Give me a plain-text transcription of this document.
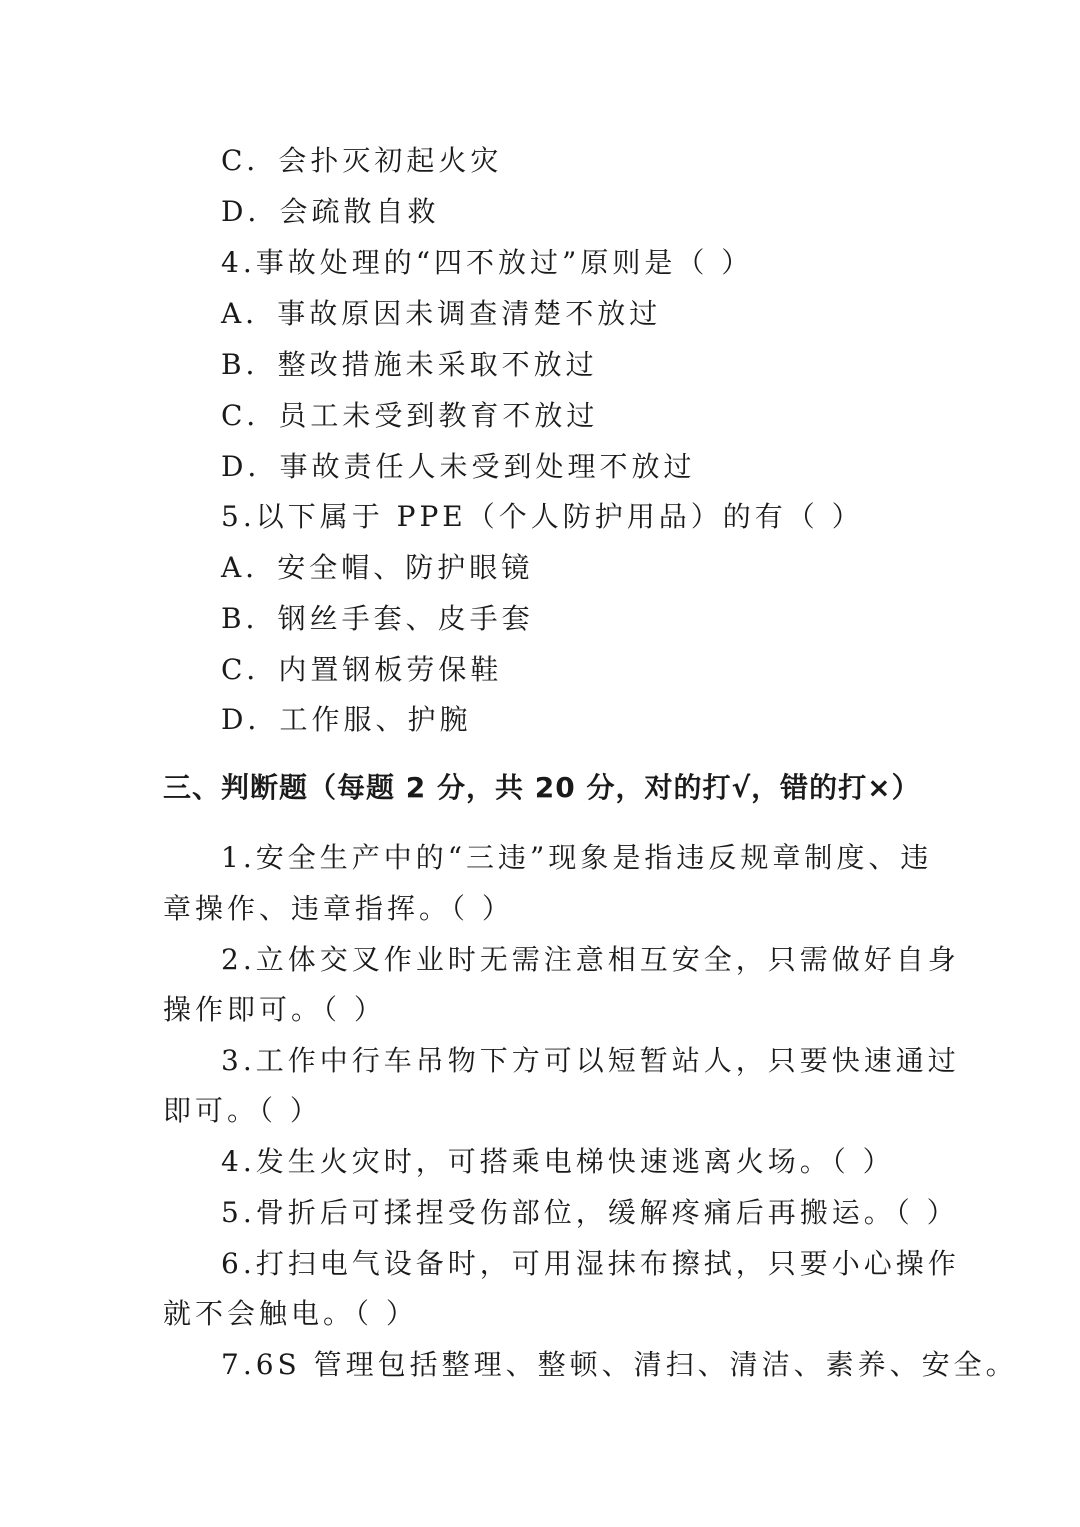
C．会扑灭初起火灾
D．会疏散自救
4.事故处理的“四不放过”原则是（ ）
A．事故原因未调查清楚不放过
B．整改措施未采取不放过
C．员工未受到教育不放过
D．事故责任人未受到处理不放过
5.以下属于 PPE（个人防护用品）的有（ ）
A．安全帽、防护眼镜
B．钢丝手套、皮手套
C．内置钢板劳保鞋
D．工作服、护腕
三、判断题（每题 2 分，共 20 分，对的打√，错的打×）
1.安全生产中的“三违”现象是指违反规章制度、违
章操作、违章指挥。（ ）
2.立体交叉作业时无需注意相互安全，只需做好自身
操作即可。（ ）
3.工作中行车吊物下方可以短暂站人，只要快速通过
即可。（ ）
4.发生火灾时，可搭乘电梯快速逃离火场。（ ）
5.骨折后可揉捏受伤部位，缓解疼痛后再搬运。（ ）
6.打扫电气设备时，可用湿抹布擦拭，只要小心操作
就不会触电。（ ）
7.6S 管理包括整理、整顿、清扫、清洁、素养、安全。
